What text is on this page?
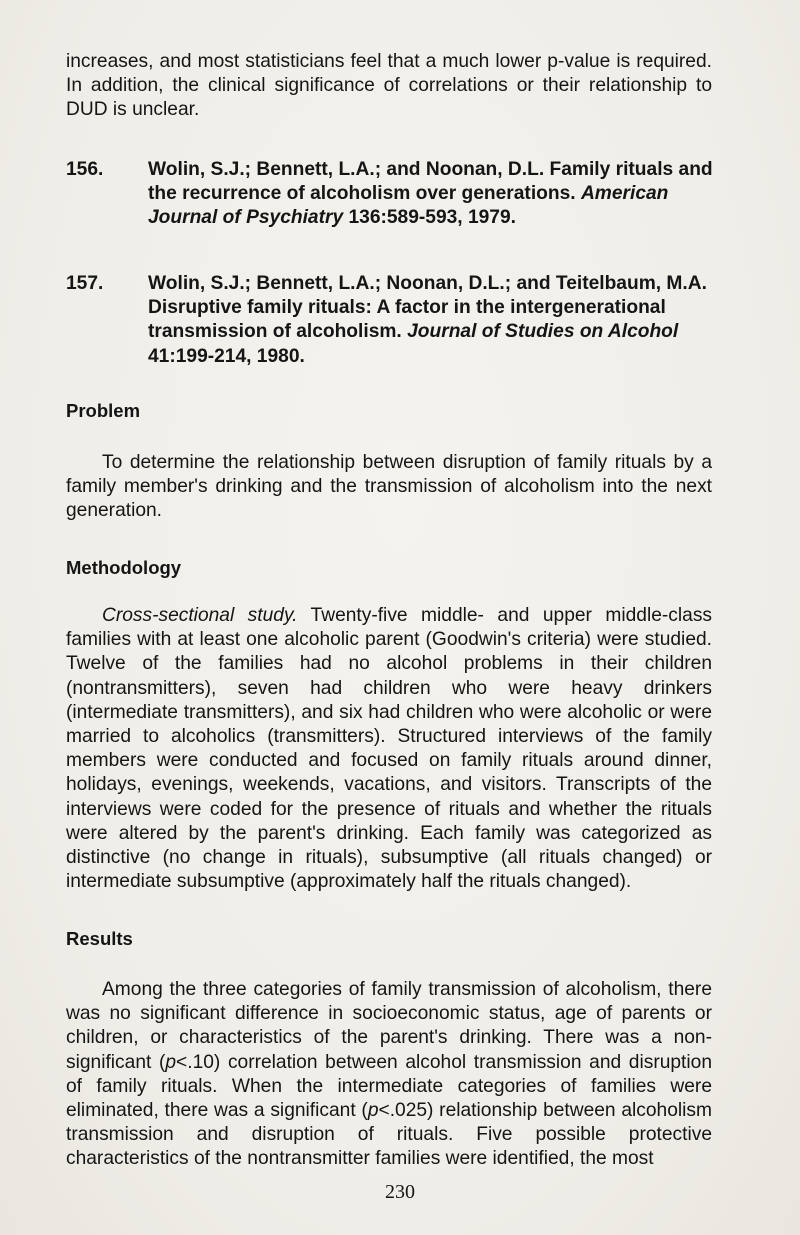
increases, and most statisticians feel that a much lower p-value is required. In addition, the clinical significance of correlations or their relationship to DUD is unclear.
156.	Wolin, S.J.; Bennett, L.A.; and Noonan, D.L. Family rituals and the recurrence of alcoholism over generations. American Journal of Psychiatry 136:589-593, 1979.
157.	Wolin, S.J.; Bennett, L.A.; Noonan, D.L.; and Teitelbaum, M.A. Disruptive family rituals: A factor in the intergenerational transmission of alcoholism. Journal of Studies on Alcohol 41:199-214, 1980.
Problem
To determine the relationship between disruption of family rituals by a family member's drinking and the transmission of alcoholism into the next generation.
Methodology
Cross-sectional study. Twenty-five middle- and upper middle-class families with at least one alcoholic parent (Goodwin's criteria) were studied. Twelve of the families had no alcohol problems in their children (nontransmitters), seven had children who were heavy drinkers (intermediate transmitters), and six had children who were alcoholic or were married to alcoholics (transmitters). Structured interviews of the family members were conducted and focused on family rituals around dinner, holidays, evenings, weekends, vacations, and visitors. Transcripts of the interviews were coded for the presence of rituals and whether the rituals were altered by the parent's drinking. Each family was categorized as distinctive (no change in rituals), subsumptive (all rituals changed) or intermediate subsumptive (approximately half the rituals changed).
Results
Among the three categories of family transmission of alcoholism, there was no significant difference in socioeconomic status, age of parents or children, or characteristics of the parent's drinking. There was a non-significant (p<.10) correlation between alcohol transmission and disruption of family rituals. When the intermediate categories of families were eliminated, there was a significant (p<.025) relationship between alcoholism transmission and disruption of rituals. Five possible protective characteristics of the nontransmitter families were identified, the most
230
